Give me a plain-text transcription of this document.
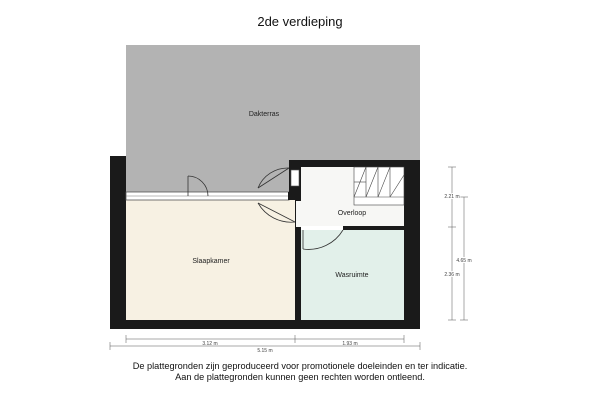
2de verdieping
Dakterras
Slaapkamer
Overloop
Wasruimte
3.12 m	1.93 m
5.15 m
2.21 m
2.36 m
4.65 m
De plattegronden zijn geproduceerd voor promotionele doeleinden en ter indicatie.
Aan de plattegronden kunnen geen rechten worden ontleend.
